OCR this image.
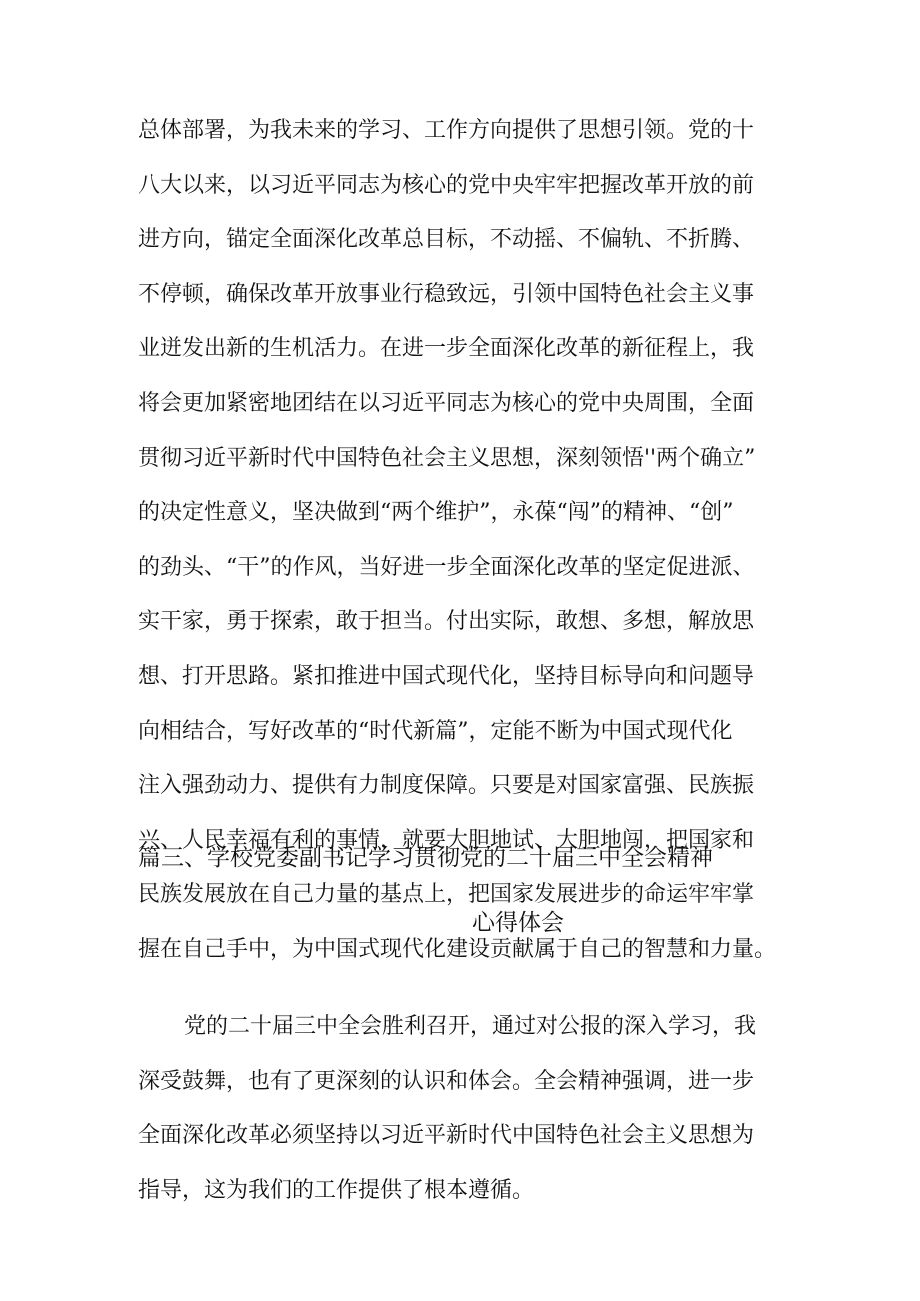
总体部署，为我未来的学习、工作方向提供了思想引领。党的十
八大以来，以习近平同志为核心的党中央牢牢把握改革开放的前
进方向，锚定全面深化改革总目标，不动摇、不偏轨、不折腾、
不停顿，确保改革开放事业行稳致远，引领中国特色社会主义事
业迸发出新的生机活力。在进一步全面深化改革的新征程上，我
将会更加紧密地团结在以习近平同志为核心的党中央周围，全面
贯彻习近平新时代中国特色社会主义思想，深刻领悟''两个确立”
的决定性意义，坚决做到“两个维护”，永葆“闯”的精神、“创”
的劲头、“干”的作风，当好进一步全面深化改革的坚定促进派、
实干家，勇于探索，敢于担当。付出实际，敢想、多想，解放思
想、打开思路。紧扣推进中国式现代化，坚持目标导向和问题导
向相结合，写好改革的“时代新篇”，定能不断为中国式现代化
注入强劲动力、提供有力制度保障。只要是对国家富强、民族振
兴、人民幸福有利的事情，就要大胆地试、大胆地闯，把国家和
民族发展放在自己力量的基点上，把国家发展进步的命运牢牢掌
握在自己手中，为中国式现代化建设贡献属于自己的智慧和力量。
篇三、学校党委副书记学习贯彻党的二十届三中全会精神
心得体会
党的二十届三中全会胜利召开，通过对公报的深入学习，我
深受鼓舞，也有了更深刻的认识和体会。全会精神强调，进一步
全面深化改革必须坚持以习近平新时代中国特色社会主义思想为
指导，这为我们的工作提供了根本遵循。
